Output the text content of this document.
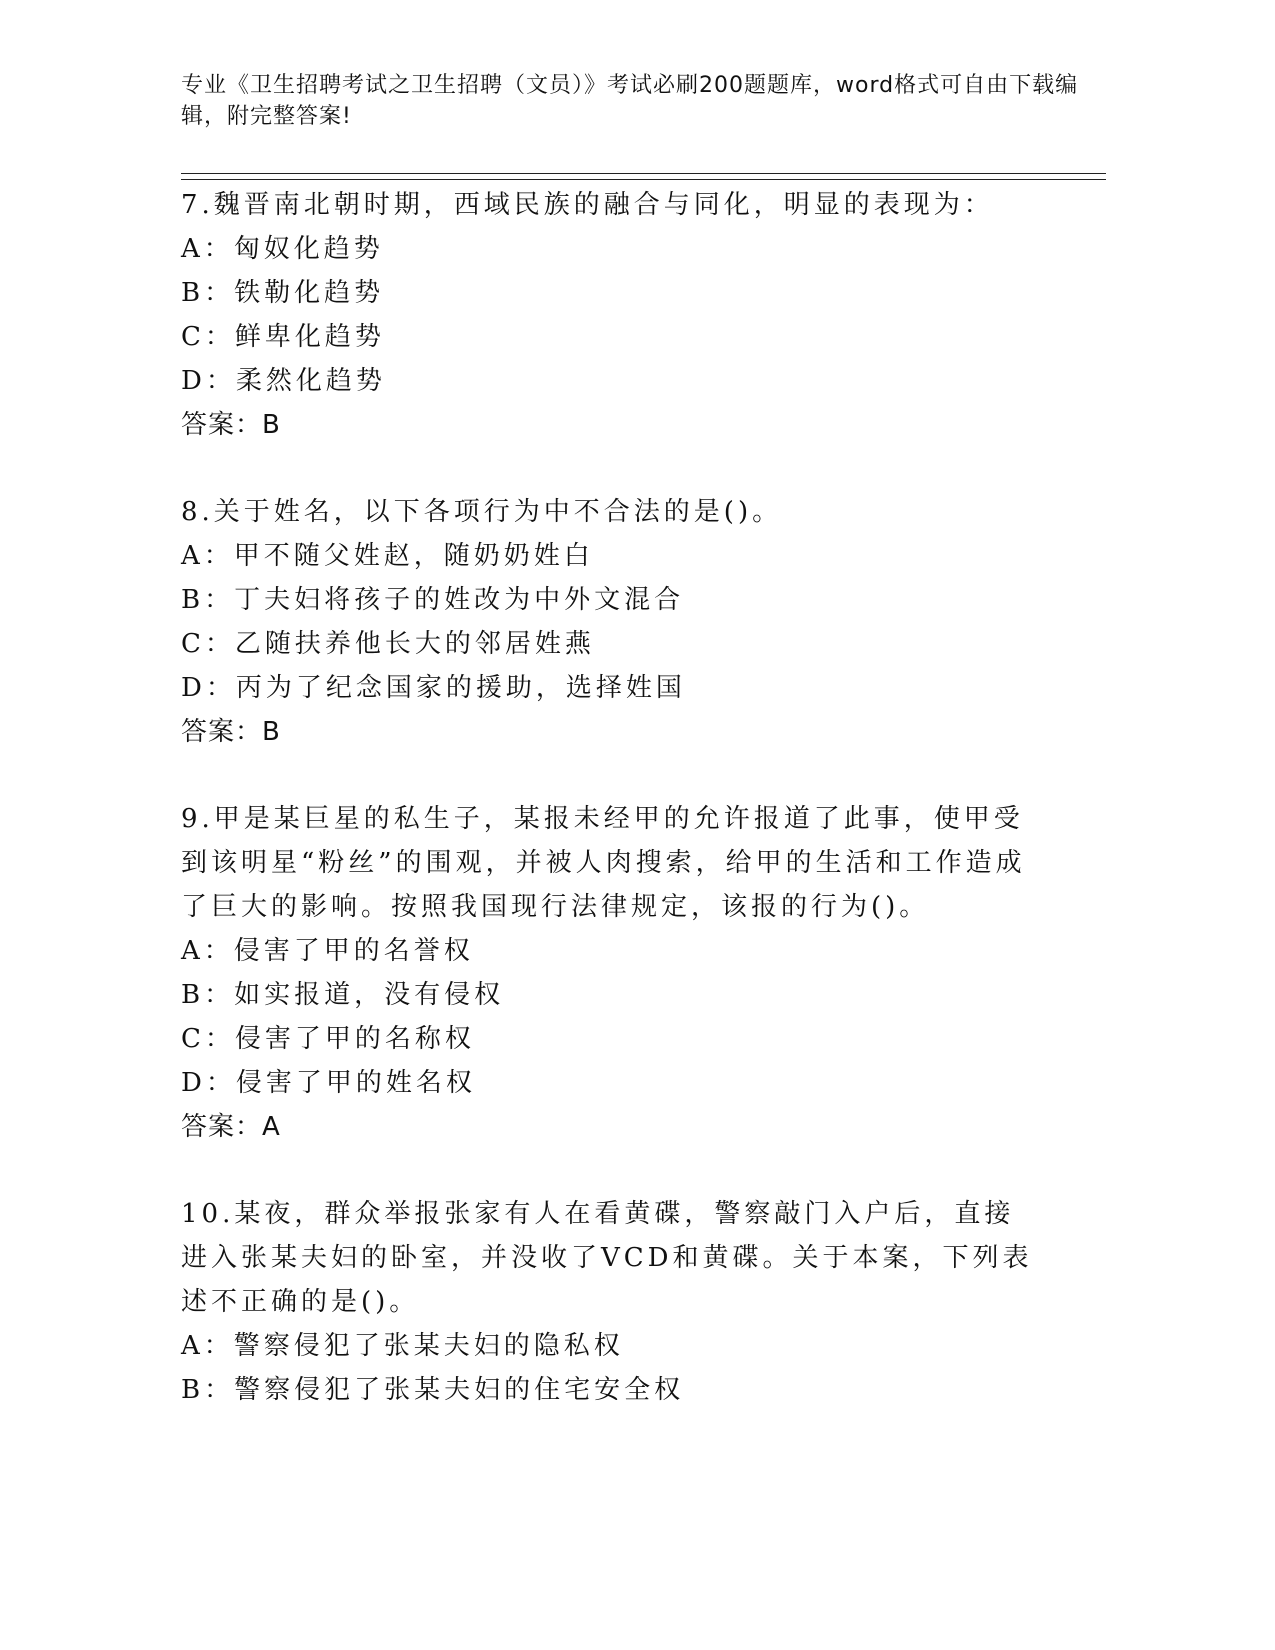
专业《卫生招聘考试之卫生招聘（文员）》考试必刷200题题库，word格式可自由下载编辑，附完整答案!

7.魏晋南北朝时期，西域民族的融合与同化，明显的表现为：

A：匈奴化趋势

B：铁勒化趋势

C：鲜卑化趋势

D：柔然化趋势

答案：B

8.关于姓名，以下各项行为中不合法的是()。

A：甲不随父姓赵，随奶奶姓白

B：丁夫妇将孩子的姓改为中外文混合

C：乙随扶养他长大的邻居姓燕

D：丙为了纪念国家的援助，选择姓国

答案：B

9.甲是某巨星的私生子，某报未经甲的允许报道了此事，使甲受到该明星“粉丝”的围观，并被人肉搜索，给甲的生活和工作造成了巨大的影响。按照我国现行法律规定，该报的行为()。

A：侵害了甲的名誉权

B：如实报道，没有侵权

C：侵害了甲的名称权

D：侵害了甲的姓名权

答案：A

10.某夜，群众举报张家有人在看黄碟，警察敲门入户后，直接进入张某夫妇的卧室，并没收了VCD和黄碟。关于本案，下列表述不正确的是()。

A：警察侵犯了张某夫妇的隐私权

B：警察侵犯了张某夫妇的住宅安全权
